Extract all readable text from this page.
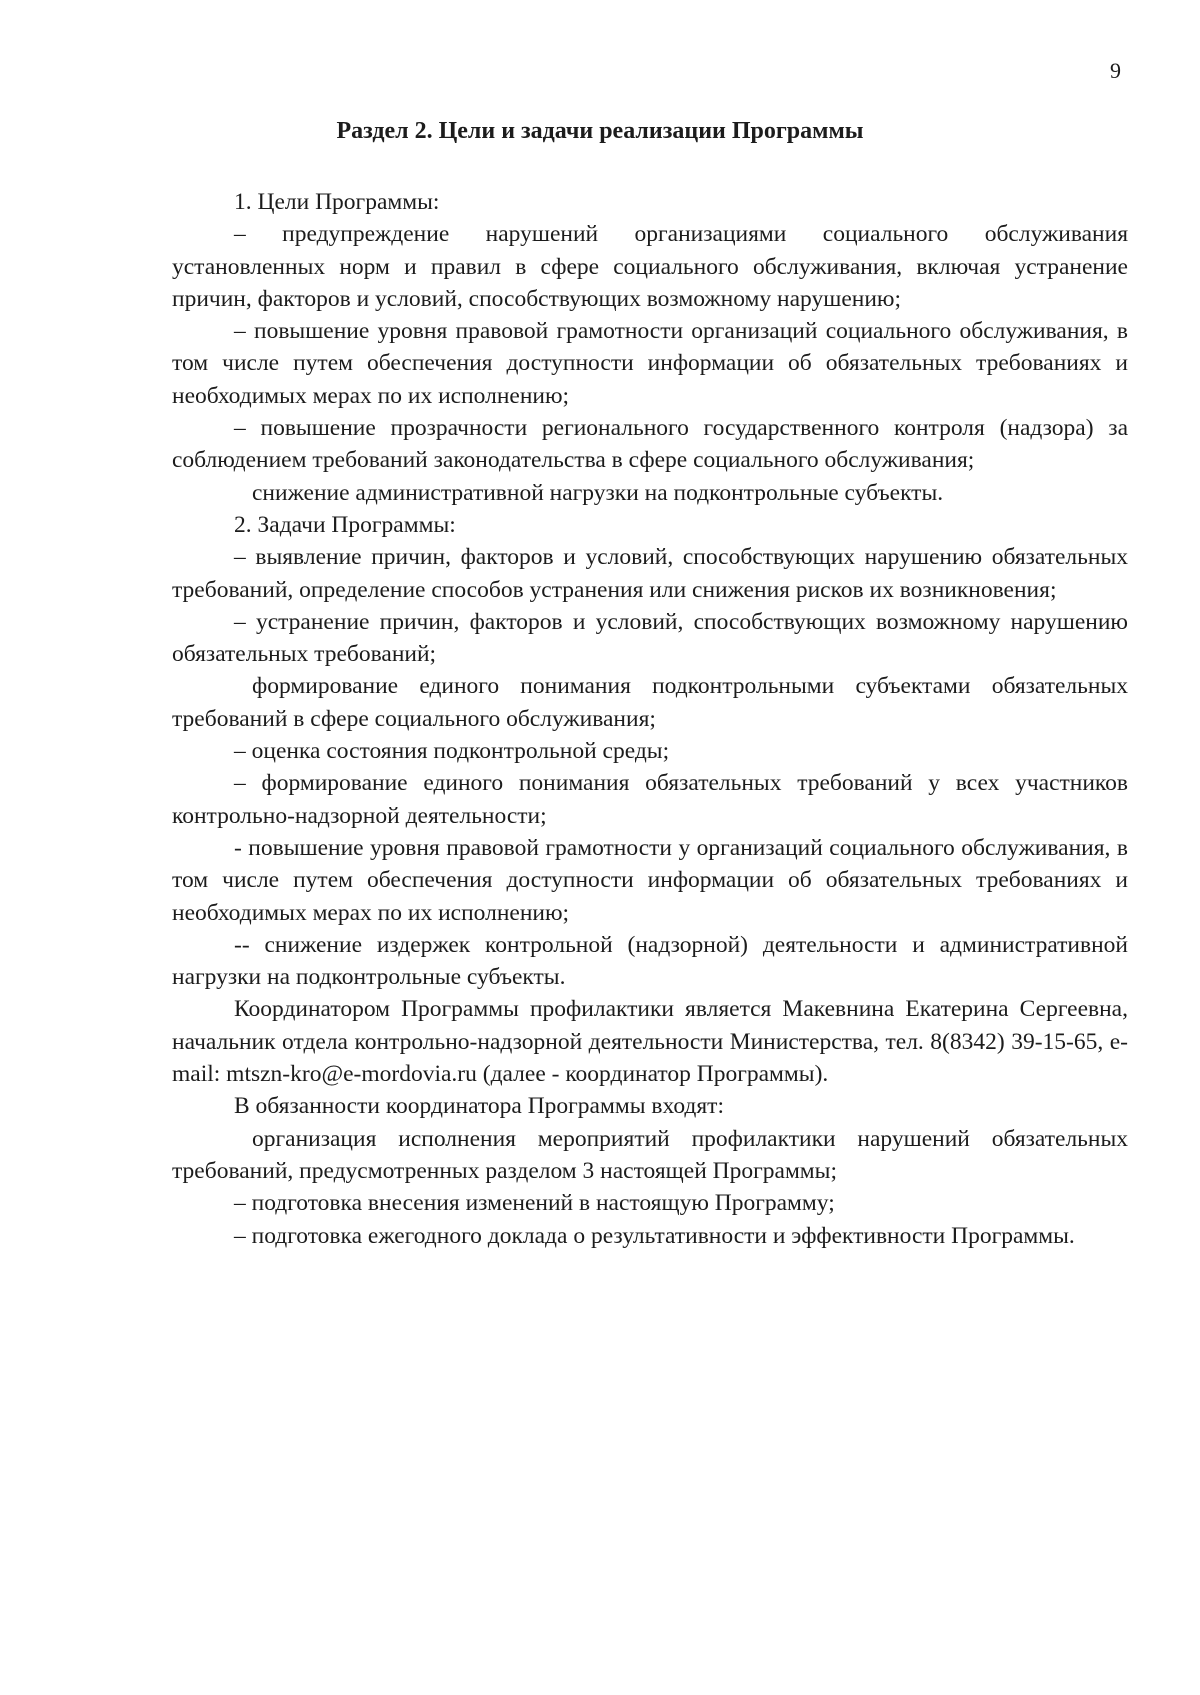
9
Раздел 2. Цели и задачи реализации Программы

1. Цели Программы:

– предупреждение нарушений организациями социального обслуживания установленных норм и правил в сфере социального обслуживания, включая устранение причин, факторов и условий, способствующих возможному нарушению;

– повышение уровня правовой грамотности организаций социального обслуживания, в том числе путем обеспечения доступности информации об обязательных требованиях и необходимых мерах по их исполнению;

– повышение прозрачности регионального государственного контроля (надзора) за соблюдением требований законодательства в сфере социального обслуживания;

снижение административной нагрузки на подконтрольные субъекты.

2. Задачи Программы:

– выявление причин, факторов и условий, способствующих нарушению обязательных требований, определение способов устранения или снижения рисков их возникновения;

– устранение причин, факторов и условий, способствующих возможному нарушению обязательных требований;

формирование единого понимания подконтрольными субъектами обязательных требований в сфере социального обслуживания;

– оценка состояния подконтрольной среды;

– формирование единого понимания обязательных требований у всех участников контрольно-надзорной деятельности;

- повышение уровня правовой грамотности у организаций социального обслуживания, в том числе путем обеспечения доступности информации об обязательных требованиях и необходимых мерах по их исполнению;

-- снижение издержек контрольной (надзорной) деятельности и административной нагрузки на подконтрольные субъекты.

Координатором Программы профилактики является Макевнина Екатерина Сергеевна, начальник отдела контрольно-надзорной деятельности Министерства, тел. 8(8342) 39-15-65, e-mail: mtszn-kro@e-mordovia.ru (далее - координатор Программы).

В обязанности координатора Программы входят:

организация исполнения мероприятий профилактики нарушений обязательных требований, предусмотренных разделом 3 настоящей Программы;

– подготовка внесения изменений в настоящую Программу;

– подготовка ежегодного доклада о результативности и эффективности Программы.
